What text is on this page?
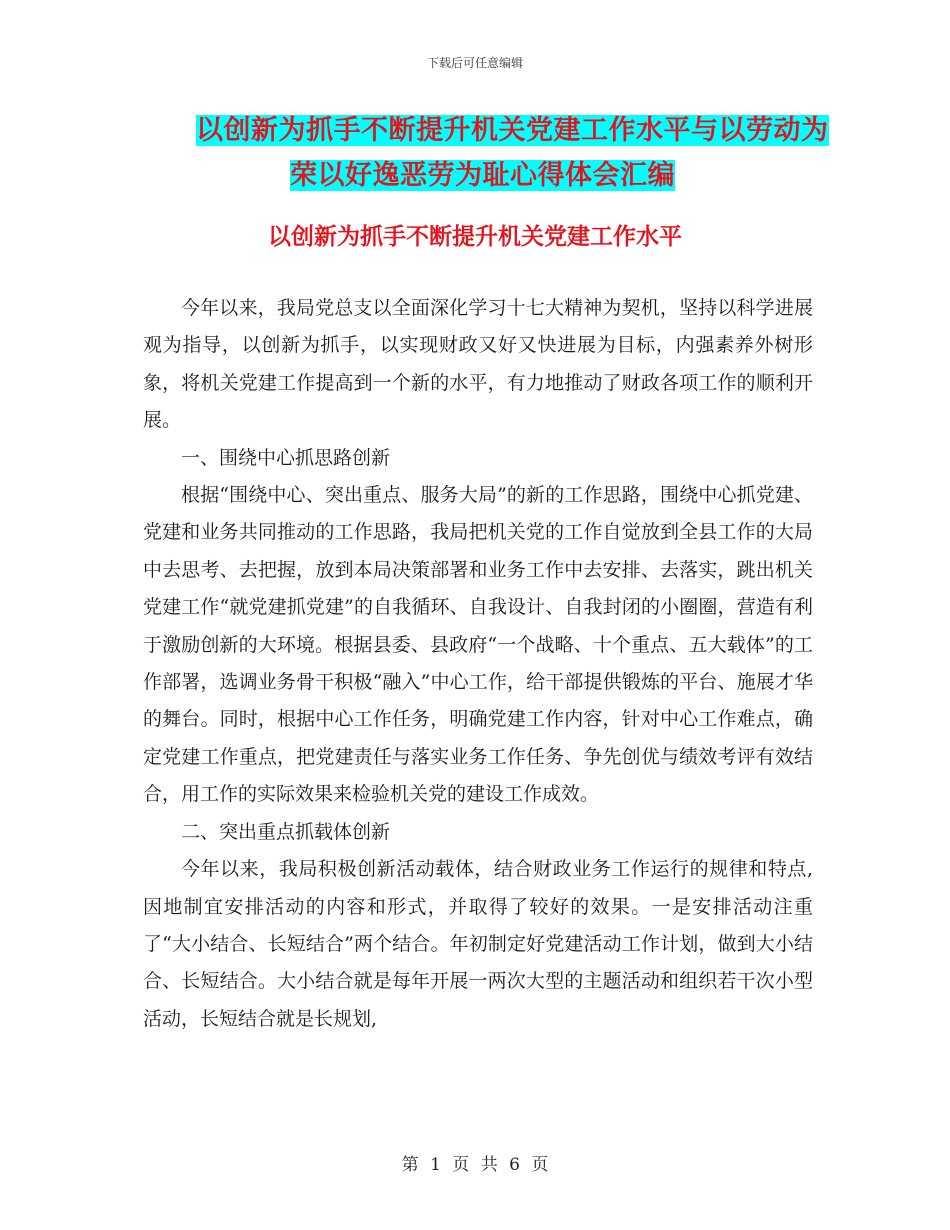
下载后可任意编辑
以创新为抓手不断提升机关党建工作水平与以劳动为
荣以好逸恶劳为耻心得体会汇编
以创新为抓手不断提升机关党建工作水平

今年以来，我局党总支以全面深化学习十七大精神为契机，坚持以科学进展观为指导，以创新为抓手，以实现财政又好又快进展为目标，内强素养外树形象，将机关党建工作提高到一个新的水平，有力地推动了财政各项工作的顺利开展。

一、围绕中心抓思路创新

根据“围绕中心、突出重点、服务大局”的新的工作思路，围绕中心抓党建、党建和业务共同推动的工作思路，我局把机关党的工作自觉放到全县工作的大局中去思考、去把握，放到本局决策部署和业务工作中去安排、去落实，跳出机关党建工作“就党建抓党建”的自我循环、自我设计、自我封闭的小圈圈，营造有利于激励创新的大环境。根据县委、县政府“一个战略、十个重点、五大载体”的工作部署，选调业务骨干积极“融入”中心工作，给干部提供锻炼的平台、施展才华的舞台。同时，根据中心工作任务，明确党建工作内容，针对中心工作难点，确定党建工作重点，把党建责任与落实业务工作任务、争先创优与绩效考评有效结合，用工作的实际效果来检验机关党的建设工作成效。

二、突出重点抓载体创新

今年以来，我局积极创新活动载体，结合财政业务工作运行的规律和特点,因地制宜安排活动的内容和形式，并取得了较好的效果。一是安排活动注重了“大小结合、长短结合”两个结合。年初制定好党建活动工作计划，做到大小结合、长短结合。大小结合就是每年开展一两次大型的主题活动和组织若干次小型活动，长短结合就是长规划,

第 1 页 共 6 页
